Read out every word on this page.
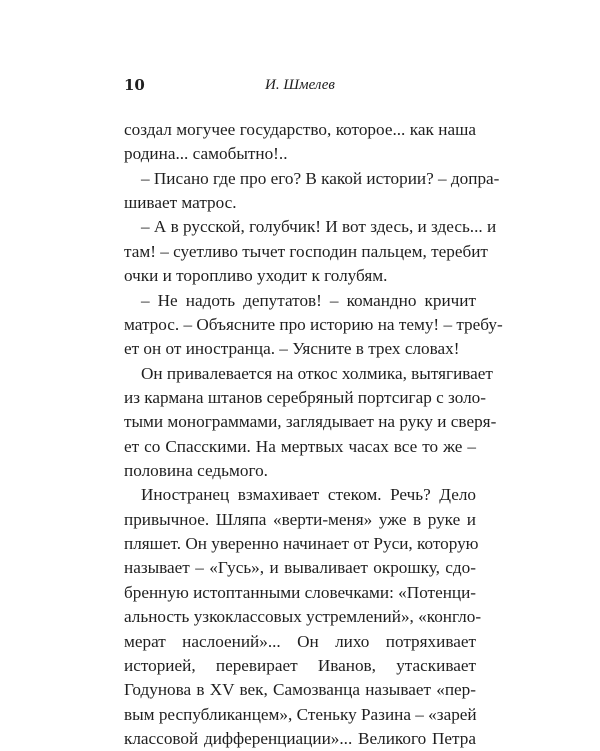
10	И. Шмелев
создал могучее государство, которое... как наша
родина... самобытно!..
– Писано где про его? В какой истории? – допра-
шивает матрос.
– А в русской, голубчик! И вот здесь, и здесь... и
там! – суетливо тычет господин пальцем, теребит
очки и торопливо уходит к голубям.
– Не надоть депутатов! – командно кричит
матрос. – Объясните про историю на тему! – требу-
ет он от иностранца. – Уясните в трех словах!
Он привалевается на откос холмика, вытягивает
из кармана штанов серебряный портсигар с золо-
тыми монограммами, заглядывает на руку и сверя-
ет со Спасскими. На мертвых часах все то же –
половина седьмого.
Иностранец взмахивает стеком. Речь? Дело
привычное. Шляпа «верти-меня» уже в руке и
пляшет. Он уверенно начинает от Руси, которую
называет – «Гусь», и вываливает окрошку, сдо-
бренную истоптанными словечками: «Потенци-
альность узкоклассовых устремлений», «конгло-
мерат наслоений»... Он лихо потряхивает
историей, перевирает Иванов, утаскивает
Годунова в XV век, Самозванца называет «пер-
вым республиканцем», Стеньку Разина – «зарей
классовой дифференциации»... Великого Петра
